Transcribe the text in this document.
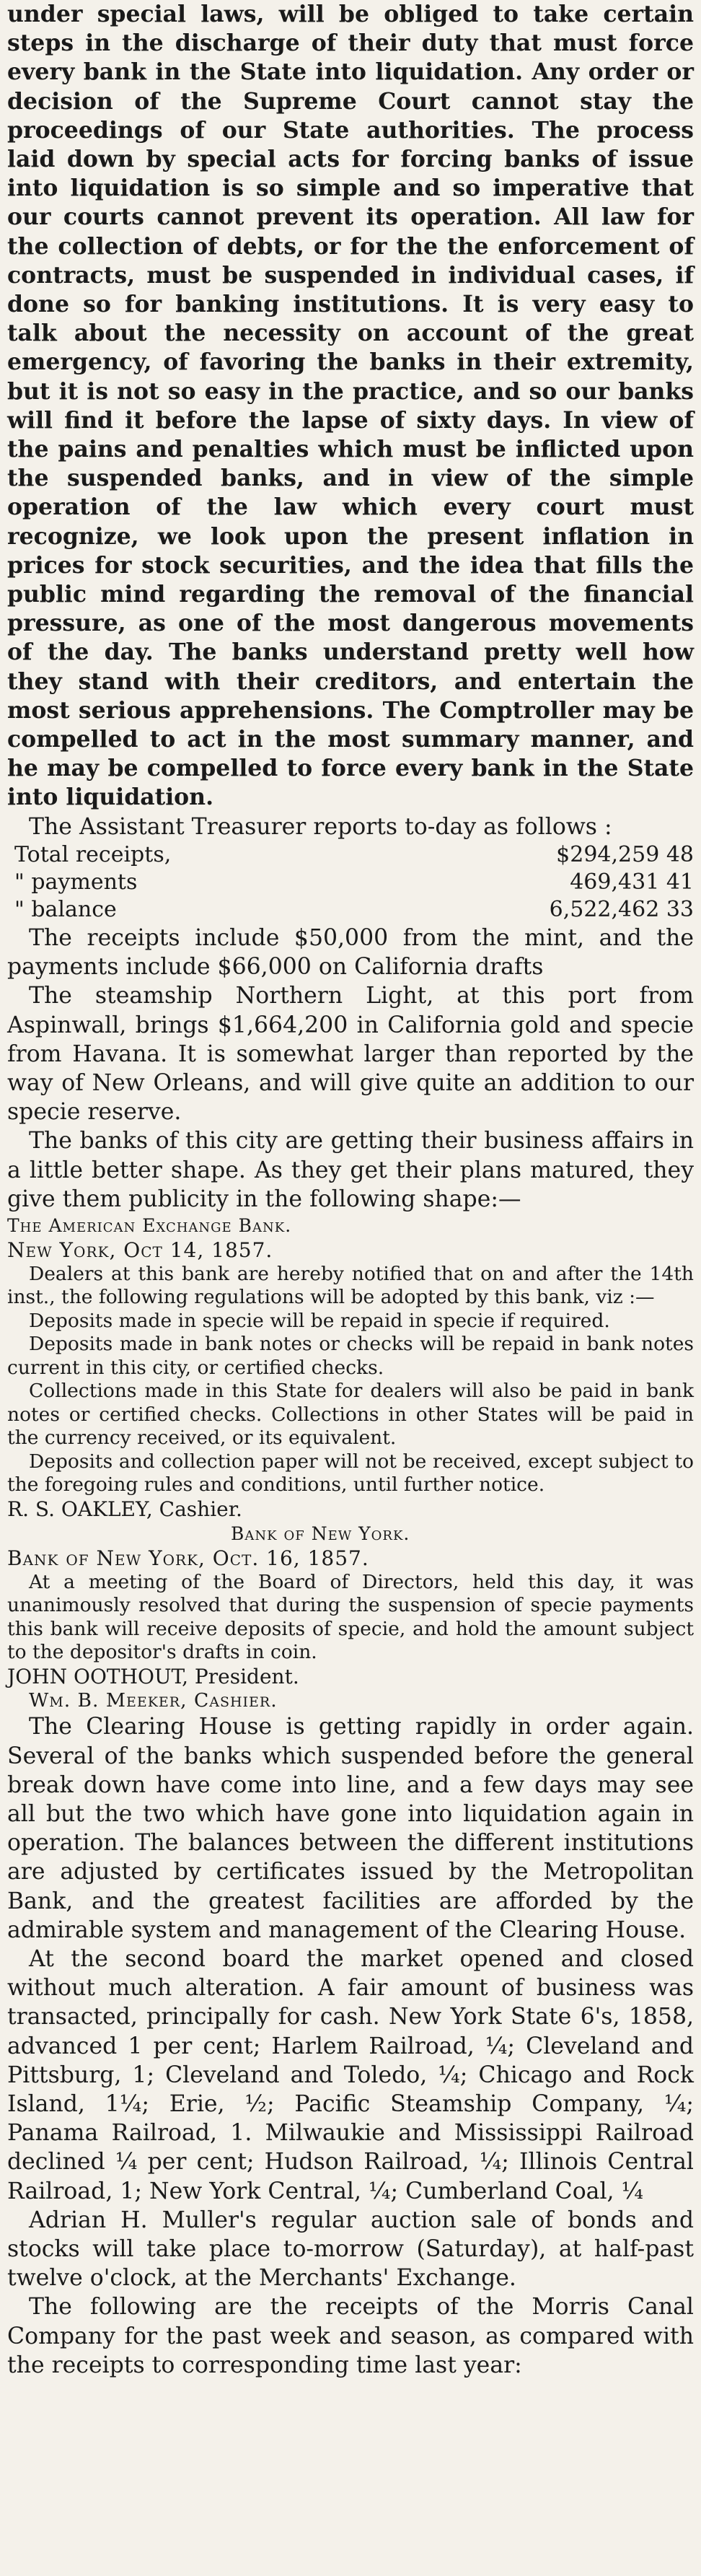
under special laws, will be obliged to take certain steps in the discharge of their duty that must force every bank in the State into liquidation. Any order or decision of the Supreme Court cannot stay the proceedings of our State authorities. The process laid down by special acts for forcing banks of issue into liquidation is so simple and so imperative that our courts cannot prevent its operation. All law for the collection of debts, or for the the enforcement of contracts, must be suspended in individual cases, if done so for banking institutions. It is very easy to talk about the necessity on account of the great emergency, of favoring the banks in their extremity, but it is not so easy in the practice, and so our banks will find it before the lapse of sixty days. In view of the pains and penalties which must be inflicted upon the suspended banks, and in view of the simple operation of the law which every court must recognize, we look upon the present inflation in prices for stock securities, and the idea that fills the public mind regarding the removal of the financial pressure, as one of the most dangerous movements of the day. The banks understand pretty well how they stand with their creditors, and entertain the most serious apprehensions. The Comptroller may be compelled to act in the most summary manner, and he may be compelled to force every bank in the State into liquidation.

The Assistant Treasurer reports to-day as follows :

Total receipts,	$294,259 48
" payments	469,431 41
" balance	6,522,462 33

The receipts include $50,000 from the mint, and the payments include $66,000 on California drafts

The steamship Northern Light, at this port from Aspinwall, brings $1,664,200 in California gold and specie from Havana. It is somewhat larger than reported by the way of New Orleans, and will give quite an addition to our specie reserve.

The banks of this city are getting their business affairs in a little better shape. As they get their plans matured, they give them publicity in the following shape:—

The American Exchange Bank.

New York, Oct 14, 1857.

Dealers at this bank are hereby notified that on and after the 14th inst., the following regulations will be adopted by this bank, viz :—

Deposits made in specie will be repaid in specie if required.

Deposits made in bank notes or checks will be repaid in bank notes current in this city, or certified checks.

Collections made in this State for dealers will also be paid in bank notes or certified checks. Collections in other States will be paid in the currency received, or its equivalent.

Deposits and collection paper will not be received, except subject to the foregoing rules and conditions, until further notice.

R. S. OAKLEY, Cashier.

Bank of New York.

Bank of New York, Oct. 16, 1857.

At a meeting of the Board of Directors, held this day, it was unanimously resolved that during the suspension of specie payments this bank will receive deposits of specie, and hold the amount subject to the depositor's drafts in coin.

JOHN OOTHOUT, President.

Wm. B. Meeker, Cashier.

The Clearing House is getting rapidly in order again. Several of the banks which suspended before the general break down have come into line, and a few days may see all but the two which have gone into liquidation again in operation. The balances between the different institutions are adjusted by certificates issued by the Metropolitan Bank, and the greatest facilities are afforded by the admirable system and management of the Clearing House.

At the second board the market opened and closed without much alteration. A fair amount of business was transacted, principally for cash. New York State 6's, 1858, advanced 1 per cent; Harlem Railroad, ¼; Cleveland and Pittsburg, 1; Cleveland and Toledo, ¼; Chicago and Rock Island, 1¼; Erie, ½; Pacific Steamship Company, ¼; Panama Railroad, 1. Milwaukie and Mississippi Railroad declined ¼ per cent; Hudson Railroad, ¼; Illinois Central Railroad, 1; New York Central, ¼; Cumberland Coal, ¼

Adrian H. Muller's regular auction sale of bonds and stocks will take place to-morrow (Saturday), at half-past twelve o'clock, at the Merchants' Exchange.

The following are the receipts of the Morris Canal Company for the past week and season, as compared with the receipts to corresponding time last year:
